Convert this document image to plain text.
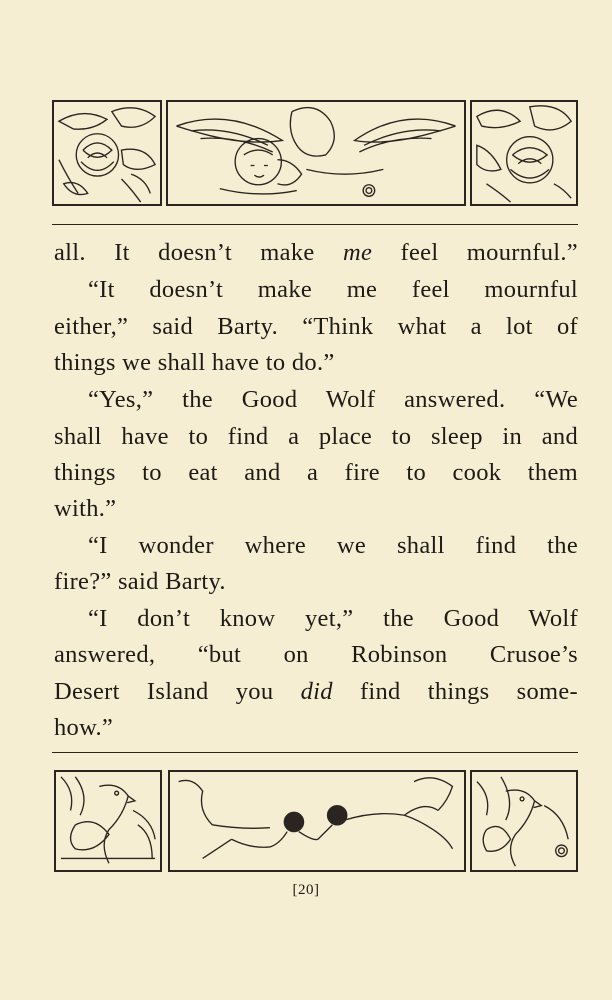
all. It doesn’t make me feel mournful.”
“It doesn’t make me feel mournful
either,” said Barty. “Think what a lot of
things we shall have to do.”
“Yes,” the Good Wolf answered. “We
shall have to find a place to sleep in and
things to eat and a fire to cook them
with.”
“I wonder where we shall find the
fire?” said Barty.
“I don’t know yet,” the Good Wolf
answered, “but on Robinson Crusoe’s
Desert Island you did find things some-
how.”
[20]
